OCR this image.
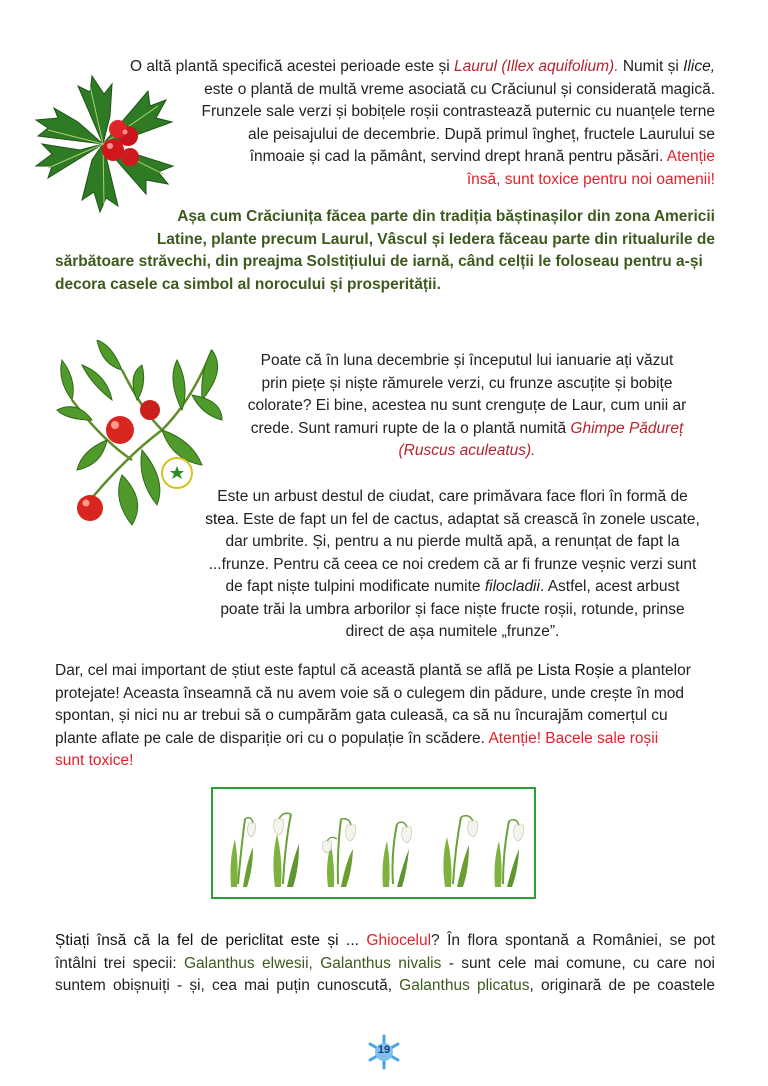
O altă plantă specifică acestei perioade este și Laurul (Illex aquifolium). Numit și Ilice,
este o plantă de multă vreme asociată cu Crăciunul și considerată magică.
Frunzele sale verzi și bobițele roșii contrastează puternic cu nuanțele terne
ale peisajului de decembrie. După primul îngheț, fructele Laurului se
înmoaie și cad la pământ, servind drept hrană pentru păsări. Atenție
însă, sunt toxice pentru noi oamenii!
Așa cum Crăciunița făcea parte din tradiția băștinașilor din zona Americii
Latine, plante precum Laurul, Vâscul și Iedera făceau parte din ritualurile de
sărbătoare străvechi, din preajma Solstițiului de iarnă, când celții le foloseau pentru a-și
decora casele ca simbol al norocului și prosperității.
Poate că în luna decembrie și începutul lui ianuarie ați văzut
prin piețe și niște rămurele verzi, cu frunze ascuțite și bobițe
colorate? Ei bine, acestea nu sunt crenguțe de Laur, cum unii ar
crede. Sunt ramuri rupte de la o plantă numită Ghimpe Pădureț
(Ruscus aculeatus).
Este un arbust destul de ciudat, care primăvara face flori în formă de
stea. Este de fapt un fel de cactus, adaptat să crească în zonele uscate,
dar umbrite. Și, pentru a nu pierde multă apă, a renunțat de fapt la
...frunze. Pentru că ceea ce noi credem că ar fi frunze veșnic verzi sunt
de fapt niște tulpini modificate numite filocladii. Astfel, acest arbust
poate trăi la umbra arborilor și face niște fructe roșii, rotunde, prinse
direct de așa numitele „frunze”.
Dar, cel mai important de știut este faptul că această plantă se află pe Lista Roșie a plantelor
protejate! Aceasta înseamnă că nu avem voie să o culegem din pădure, unde crește în mod
spontan, și nici nu ar trebui să o cumpărăm gata culeasă, ca să nu încurajăm comerțul cu
plante aflate pe cale de dispariție ori cu o populație în scădere. Atenție! Bacele sale roșii
sunt toxice!
Știați însă că la fel de periclitat este și ... Ghiocelul? În flora spontană a României, se pot
întâlni trei specii: Galanthus elwesii, Galanthus nivalis - sunt cele mai comune, cu care noi
suntem obișnuiți - și, cea mai puțin cunoscută, Galanthus plicatus, originară de pe coastele
19
